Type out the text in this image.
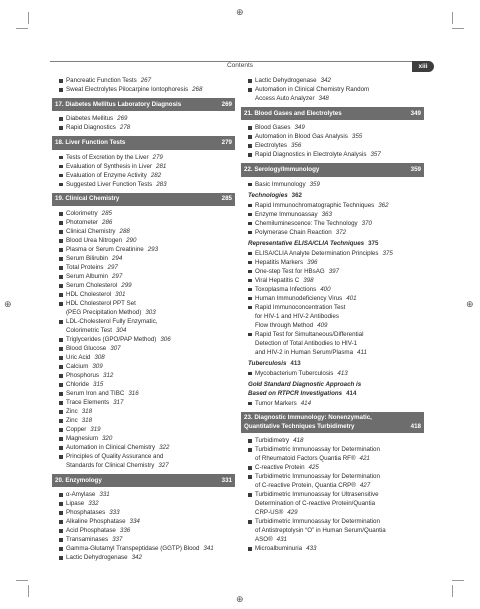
⊕
⊕
⊕	⊕
Contents	xiii
Pancreatic Function Tests 267
Sweat Electrolytes Pilocarpine Iontophoresis 268
17. Diabetes Mellitus Laboratory Diagnosis	269
Diabetes Mellitus 269
Rapid Diagnostics 278
18. Liver Function Tests	279
Tests of Excretion by the Liver 279
Evaluation of Synthesis in Liver 281
Evaluation of Enzyme Activity 282
Suggested Liver Function Tests 283
19. Clinical Chemistry	285
Colorimetry 285
Photometer 286
Clinical Chemistry 288
Blood Urea Nitrogen 290
Plasma or Serum Creatinine 293
Serum Bilirubin 294
Total Proteins 297
Serum Albumin 297
Serum Cholesterol 299
HDL Cholesterol 301
HDL Cholesterol PPT Set
(PEG Precipitation Method) 303
LDL-Cholesterol Fully Enzymatic,
Colorimetric Test 304
Triglycerides (GPO/PAP Method) 306
Blood Glucose 307
Uric Acid 308
Calcium 309
Phosphorus 312
Chloride 315
Serum Iron and TIBC 316
Trace Elements 317
Zinc 318
Zinc 318
Copper 319
Magnesium 320
Automation in Clinical Chemistry 322
Principles of Quality Assurance and
Standards for Clinical Chemistry 327
20. Enzymology	331
α-Amylase 331
Lipase 332
Phosphatases 333
Alkaline Phosphatase 334
Acid Phosphatase 336
Transaminases 337
Gamma-Glutamyl Transpeptidase (GGTP) Blood 341
Lactic Dehydrogenase 342
Lactic Dehydrogenase 342
Automation in Clinical Chemistry Random
Access Auto Analyzer 348
21. Blood Gases and Electrolytes	349
Blood Gases 349
Automation in Blood Gas Analysis 355
Electrolytes 356
Rapid Diagnostics in Electrolyte Analysis 357
22. Serology/Immunology	359
Basic Immunology 359
Technologies 362
Rapid Immunochromatographic Techniques 362
Enzyme Immunoassay 363
Chemiluminescence: The Technology 370
Polymerase Chain Reaction 372
Representative ELISA/CLIA Techniques 375
ELISA/CLIA Analyte Determination Principles 375
Hepatitis Markers 396
One-step Test for HBsAG 397
Viral Hepatitis C 398
Toxoplasma Infections 400
Human Immunodeficiency Virus 401
Rapid Immunoconcentration Test
for HIV-1 and HIV-2 Antibodies
Flow through Method 409
Rapid Test for Simultaneous/Differential
Detection of Total Antibodies to HIV-1
and HIV-2 in Human Serum/Plasma 411
Tuberculosis 413
Mycobacterium Tuberculosis 413
Gold Standard Diagnostic Approach is
Based on RTPCR Investigations 414
Tumor Markers 414
23. Diagnostic Immunology: Nonenzymatic,
Quantitative Techniques Turbidimetry	418
Turbidimetry 418
Turbidimetric Immunoassay for Determination
of Rheumatoid Factors Quantia RF® 421
C-reactive Protein 425
Turbidimetric Immunoassay for Determination
of C-reactive Protein, Quantia CRP® 427
Turbidimetric Immunoassay for Ultrasensitive
Determination of C-reactive Protein/Quantia
CRP-US® 429
Turbidimetric Immunoassay for Determination
of Antistreptolysin “O” in Human Serum/Quantia
ASO® 431
Microalbuminuria 433
